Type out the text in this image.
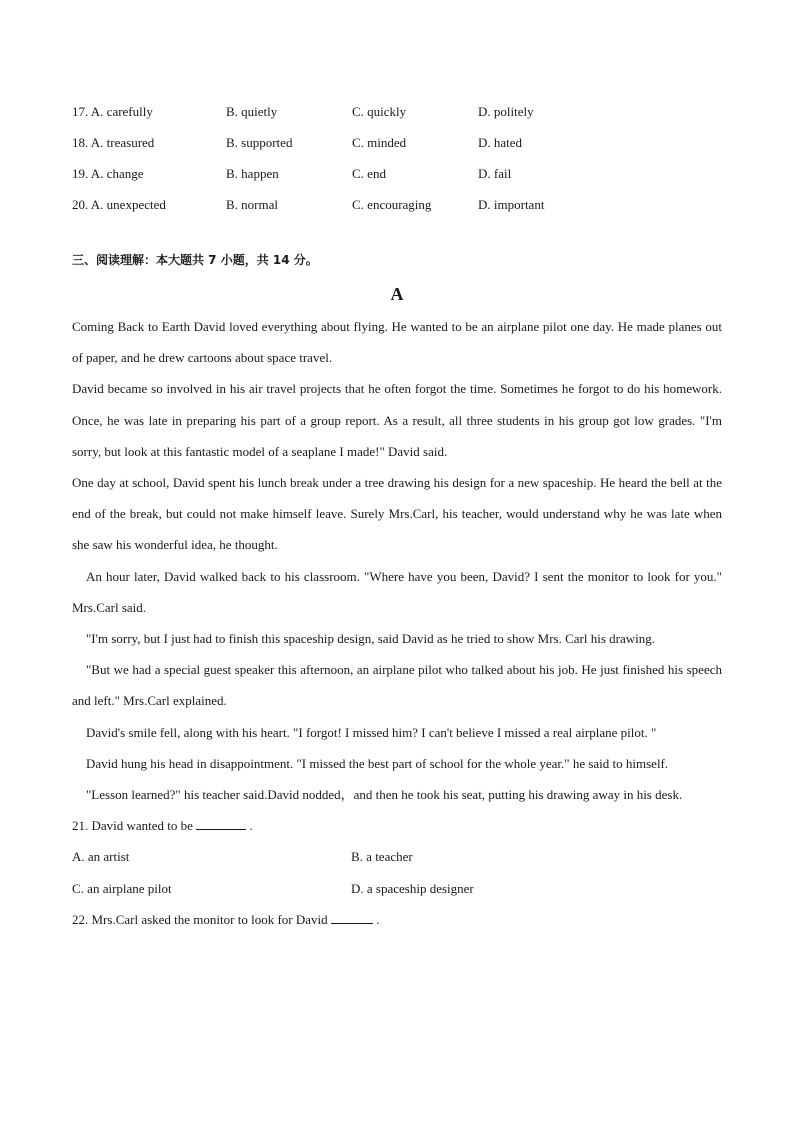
17. A. carefully	B. quietly	C. quickly	D. politely
18. A. treasured	B. supported	C. minded	D. hated
19. A. change	B. happen	C. end	D. fail
20. A. unexpected	B. normal	C. encouraging	D. important
三、阅读理解：本大题共 7 小题，共 14 分。
A

Coming Back to Earth David loved everything about flying. He wanted to be an airplane pilot one day. He made planes out of paper, and he drew cartoons about space travel.

David became so involved in his air travel projects that he often forgot the time. Sometimes he forgot to do his homework. Once, he was late in preparing his part of a group report. As a result, all three students in his group got low grades. "I'm sorry, but look at this fantastic model of a seaplane I made!" David said.

One day at school, David spent his lunch break under a tree drawing his design for a new spaceship. He heard the bell at the end of the break, but could not make himself leave. Surely Mrs.Carl, his teacher, would understand why he was late when she saw his wonderful idea, he thought.

An hour later, David walked back to his classroom. "Where have you been, David? I sent the monitor to look for you." Mrs.Carl said.

"I'm sorry, but I just had to finish this spaceship design, said David as he tried to show Mrs. Carl his drawing.

"But we had a special guest speaker this afternoon, an airplane pilot who talked about his job. He just finished his speech and left." Mrs.Carl explained.

David's smile fell, along with his heart. "I forgot! I missed him? I can't believe I missed a real airplane pilot. "

David hung his head in disappointment. "I missed the best part of school for the whole year." he said to himself.

"Lesson learned?" his teacher said.David nodded，and then he took his seat, putting his drawing away in his desk.

21. David wanted to be	.
A. an artist	B. a teacher
C. an airplane pilot	D. a spaceship designer
22. Mrs.Carl asked the monitor to look for David	.
